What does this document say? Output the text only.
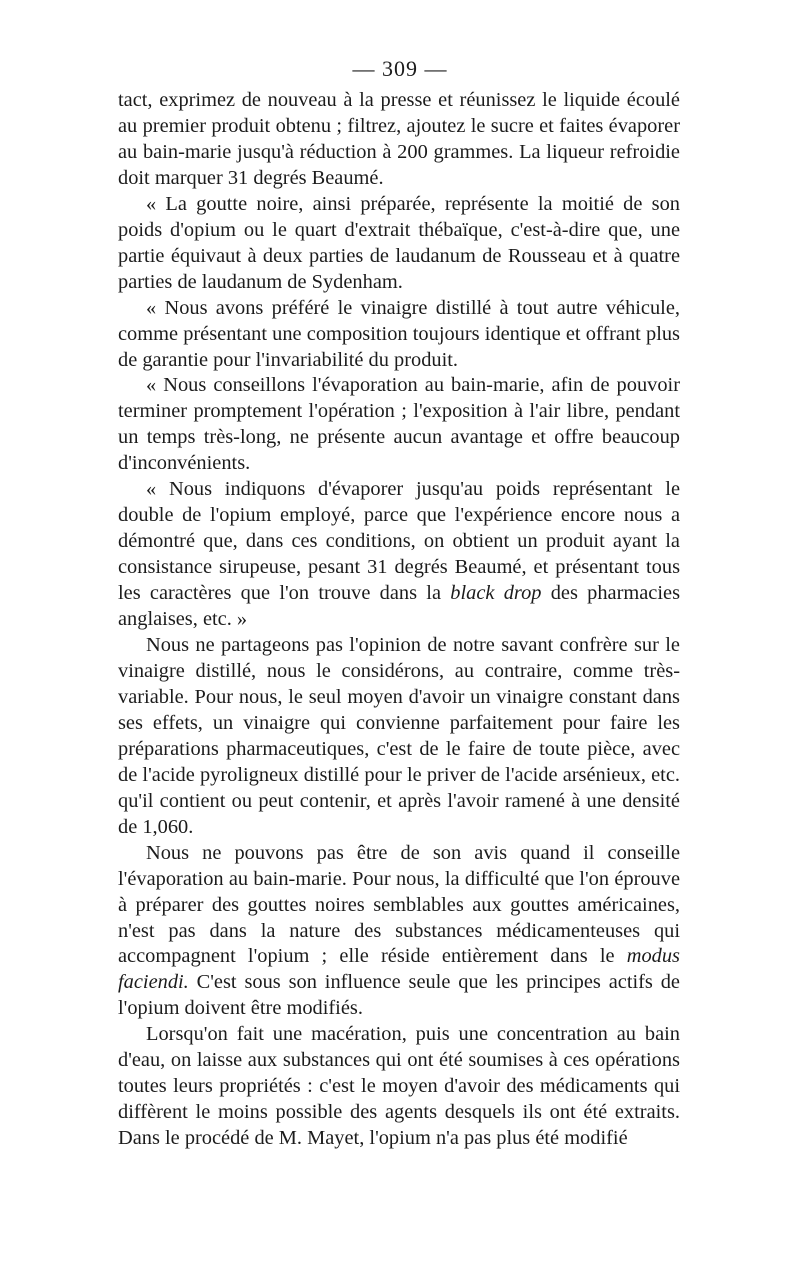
— 309 —

tact, exprimez de nouveau à la presse et réunissez le liquide écoulé au premier produit obtenu ; filtrez, ajoutez le sucre et faites évaporer au bain-marie jusqu'à réduction à 200 grammes. La liqueur refroidie doit marquer 31 degrés Beaumé.

« La goutte noire, ainsi préparée, représente la moitié de son poids d'opium ou le quart d'extrait thébaïque, c'est-à-dire que, une partie équivaut à deux parties de laudanum de Rousseau et à quatre parties de laudanum de Sydenham.

« Nous avons préféré le vinaigre distillé à tout autre véhicule, comme présentant une composition toujours identique et offrant plus de garantie pour l'invariabilité du produit.

« Nous conseillons l'évaporation au bain-marie, afin de pouvoir terminer promptement l'opération ; l'exposition à l'air libre, pendant un temps très-long, ne présente aucun avantage et offre beaucoup d'inconvénients.

« Nous indiquons d'évaporer jusqu'au poids représentant le double de l'opium employé, parce que l'expérience encore nous a démontré que, dans ces conditions, on obtient un produit ayant la consistance sirupeuse, pesant 31 degrés Beaumé, et présentant tous les caractères que l'on trouve dans la black drop des pharmacies anglaises, etc. »

Nous ne partageons pas l'opinion de notre savant confrère sur le vinaigre distillé, nous le considérons, au contraire, comme très-variable. Pour nous, le seul moyen d'avoir un vinaigre constant dans ses effets, un vinaigre qui convienne parfaitement pour faire les préparations pharmaceutiques, c'est de le faire de toute pièce, avec de l'acide pyroligneux distillé pour le priver de l'acide arsénieux, etc. qu'il contient ou peut contenir, et après l'avoir ramené à une densité de 1,060.

Nous ne pouvons pas être de son avis quand il conseille l'évaporation au bain-marie. Pour nous, la difficulté que l'on éprouve à préparer des gouttes noires semblables aux gouttes américaines, n'est pas dans la nature des substances médicamenteuses qui accompagnent l'opium ; elle réside entièrement dans le modus faciendi. C'est sous son influence seule que les principes actifs de l'opium doivent être modifiés.

Lorsqu'on fait une macération, puis une concentration au bain d'eau, on laisse aux substances qui ont été soumises à ces opérations toutes leurs propriétés : c'est le moyen d'avoir des médicaments qui diffèrent le moins possible des agents desquels ils ont été extraits. Dans le procédé de M. Mayet, l'opium n'a pas plus été modifié
